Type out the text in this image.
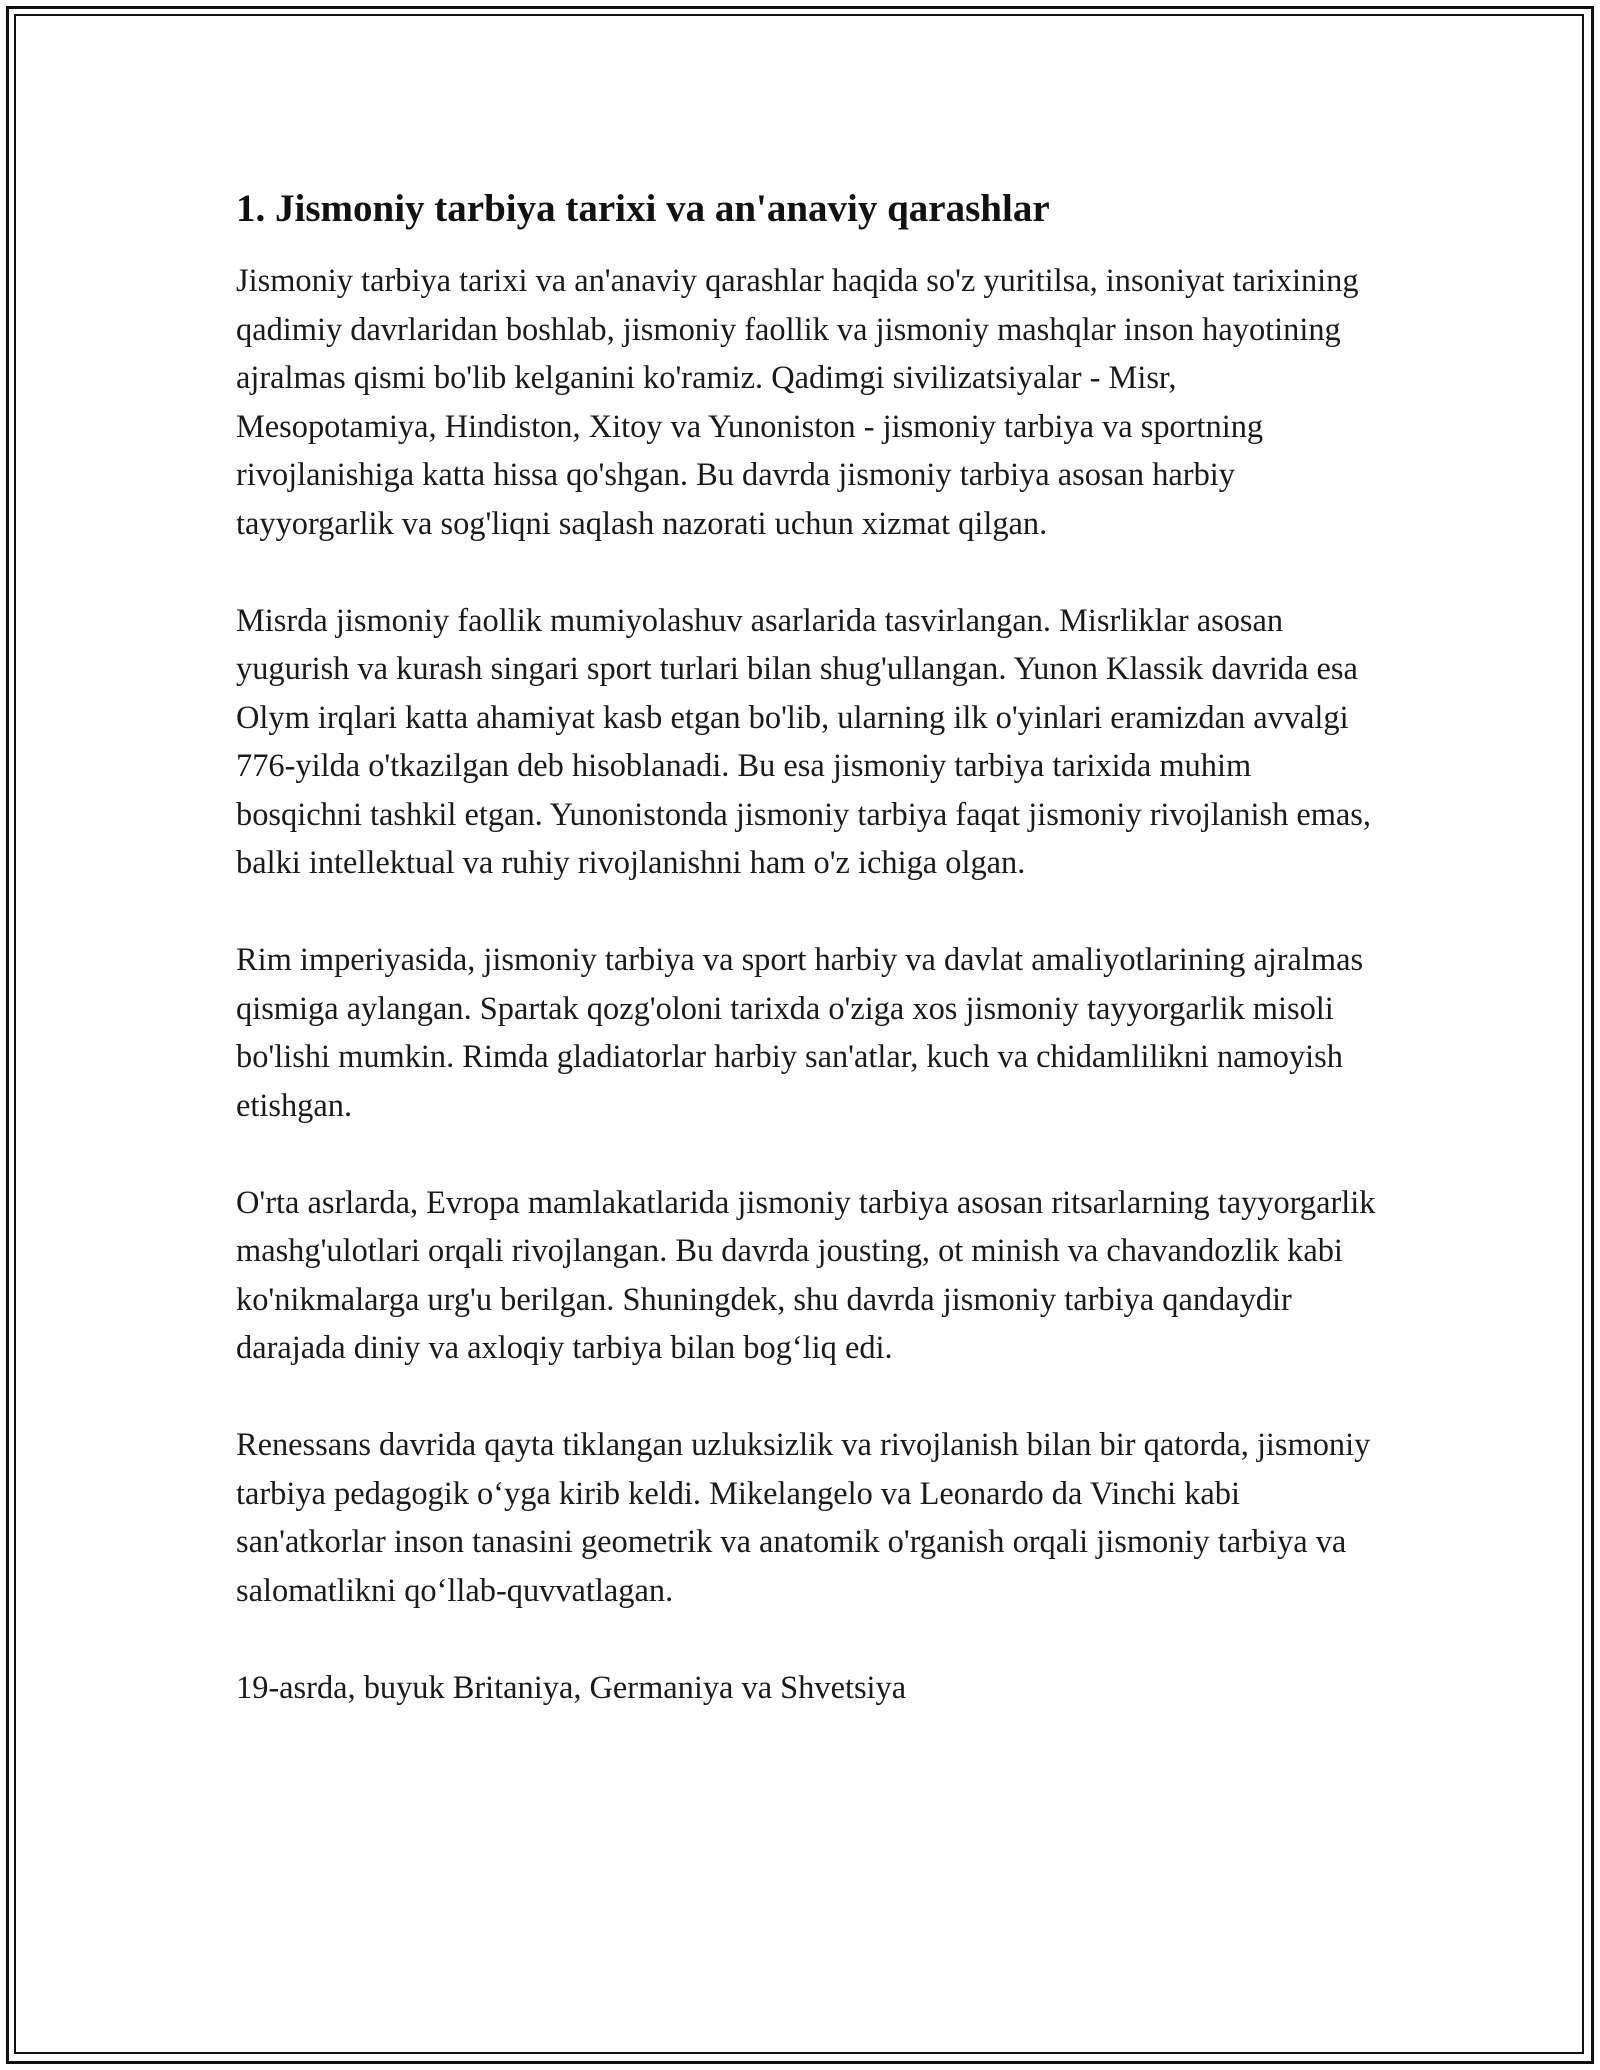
1. Jismoniy tarbiya tarixi va an'anaviy qarashlar

Jismoniy tarbiya tarixi va an'anaviy qarashlar haqida so'z yuritilsa, insoniyat tarixining qadimiy davrlaridan boshlab, jismoniy faollik va jismoniy mashqlar inson hayotining ajralmas qismi bo'lib kelganini ko'ramiz. Qadimgi sivilizatsiyalar - Misr, Mesopotamiya, Hindiston, Xitoy va Yunoniston - jismoniy tarbiya va sportning rivojlanishiga katta hissa qo'shgan. Bu davrda jismoniy tarbiya asosan harbiy tayyorgarlik va sog'liqni saqlash nazorati uchun xizmat qilgan.

Misrda jismoniy faollik mumiyolashuv asarlarida tasvirlangan. Misrliklar asosan yugurish va kurash singari sport turlari bilan shug'ullangan. Yunon Klassik davrida esa Olym irqlari katta ahamiyat kasb etgan bo'lib, ularning ilk o'yinlari eramizdan avvalgi 776-yilda o'tkazilgan deb hisoblanadi. Bu esa jismoniy tarbiya tarixida muhim bosqichni tashkil etgan. Yunonistonda jismoniy tarbiya faqat jismoniy rivojlanish emas, balki intellektual va ruhiy rivojlanishni ham o'z ichiga olgan.

Rim imperiyasida, jismoniy tarbiya va sport harbiy va davlat amaliyotlarining ajralmas qismiga aylangan. Spartak qozg'oloni tarixda o'ziga xos jismoniy tayyorgarlik misoli bo'lishi mumkin. Rimda gladiatorlar harbiy san'atlar, kuch va chidamlilikni namoyish etishgan.

O'rta asrlarda, Evropa mamlakatlarida jismoniy tarbiya asosan ritsarlarning tayyorgarlik mashg'ulotlari orqali rivojlangan. Bu davrda jousting, ot minish va chavandozlik kabi ko'nikmalarga urg'u berilgan. Shuningdek, shu davrda jismoniy tarbiya qandaydir darajada diniy va axloqiy tarbiya bilan bog‘liq edi.

Renessans davrida qayta tiklangan uzluksizlik va rivojlanish bilan bir qatorda, jismoniy tarbiya pedagogik o‘yga kirib keldi. Mikelangelo va Leonardo da Vinchi kabi san'atkorlar inson tanasini geometrik va anatomik o'rganish orqali jismoniy tarbiya va salomatlikni qo‘llab-quvvatlagan.

19-asrda, buyuk Britaniya, Germaniya va Shvetsiya
